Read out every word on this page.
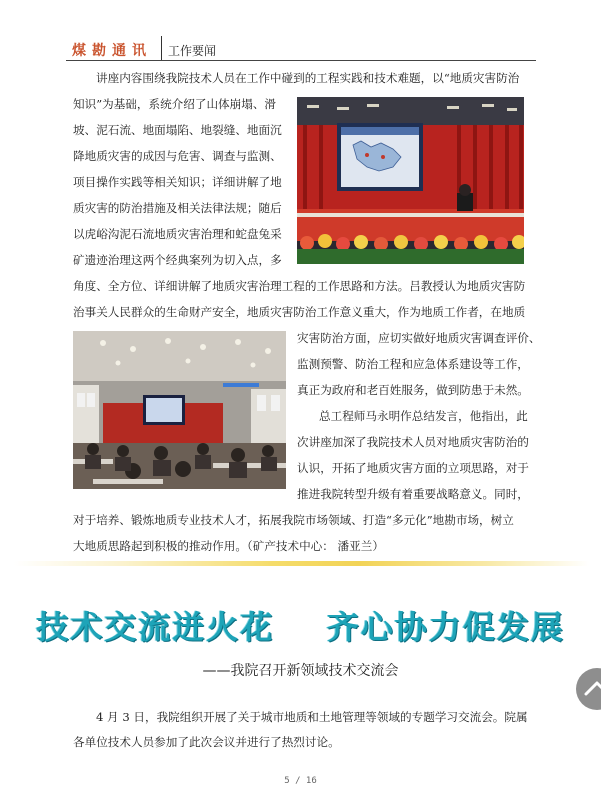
煤勘通讯 工作要闻
讲座内容围绕我院技术人员在工作中碰到的工程实践和技术难题，以“地质灾害防治
知识”为基础，系统介绍了山体崩塌、滑
坡、泥石流、地面塌陷、地裂缝、地面沉
降地质灾害的成因与危害、调查与监测、
项目操作实践等相关知识；详细讲解了地
质灾害的防治措施及相关法律法规；随后
以虎峪沟泥石流地质灾害治理和蛇盘兔采
矿遗迹治理这两个经典案列为切入点，多
角度、全方位、详细讲解了地质灾害治理工程的工作思路和方法。吕教授认为地质灾害防
治事关人民群众的生命财产安全，地质灾害防治工作意义重大，作为地质工作者，在地质
灾害防治方面，应切实做好地质灾害调查评价、
监测预警、防治工程和应急体系建设等工作，
真正为政府和老百姓服务，做到防患于未然。
总工程师马永明作总结发言，他指出，此
次讲座加深了我院技术人员对地质灾害防治的
认识，开拓了地质灾害方面的立项思路，对于
推进我院转型升级有着重要战略意义。同时，
对于培养、锻炼地质专业技术人才，拓展我院市场领域、打造“多元化”地勘市场，树立
大地质思路起到积极的推动作用。（矿产技术中心： 潘亚兰）
技术交流迸火花    齐心协力促发展
——我院召开新领域技术交流会
4 月 3 日，我院组织开展了关于城市地质和土地管理等领域的专题学习交流会。院属
各单位技术人员参加了此次会议并进行了热烈讨论。
5 / 16
